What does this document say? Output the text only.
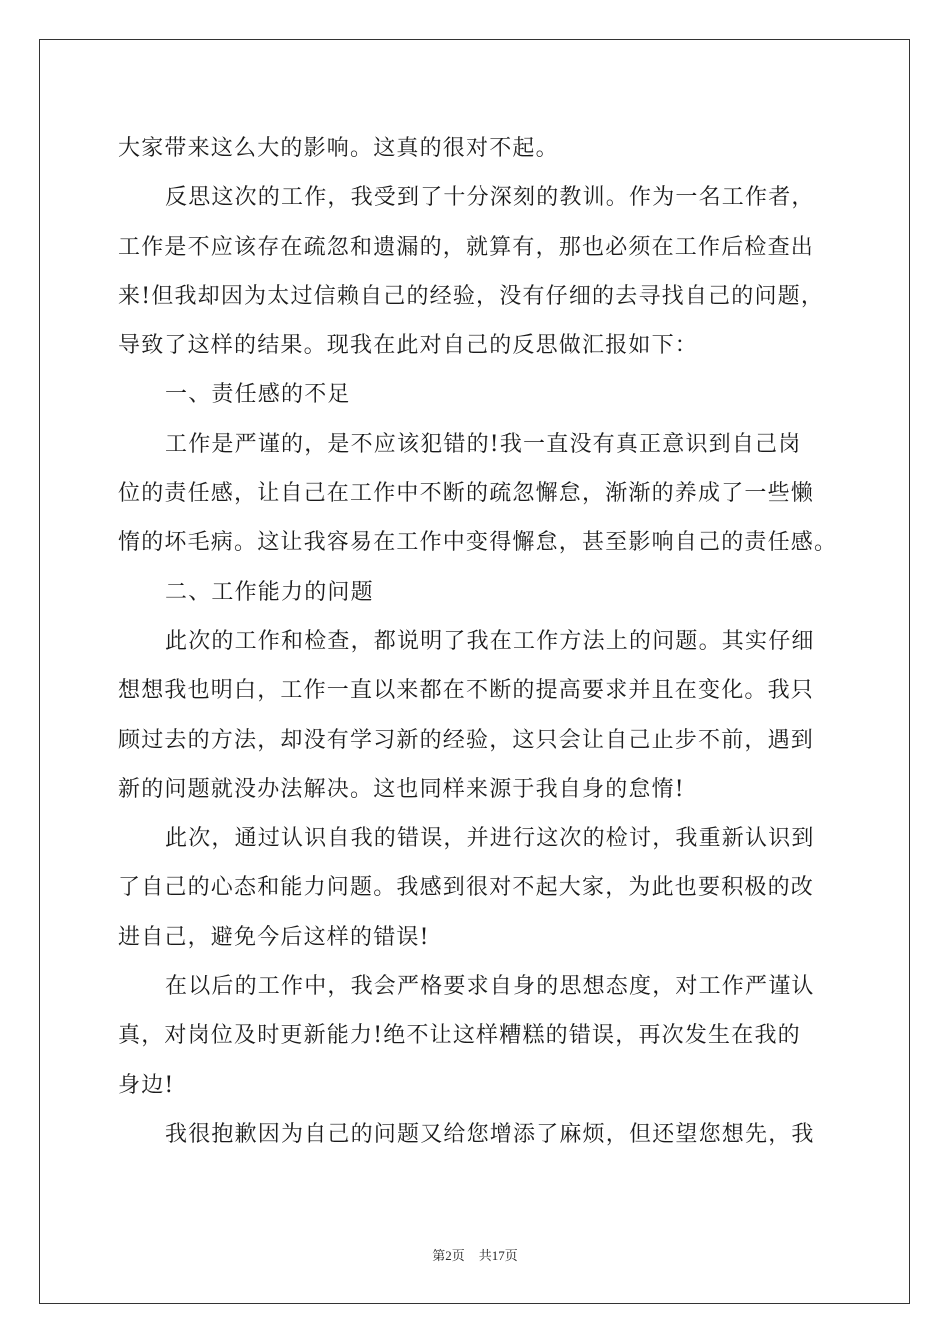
大家带来这么大的影响。这真的很对不起。
反思这次的工作，我受到了十分深刻的教训。作为一名工作者，
工作是不应该存在疏忽和遗漏的，就算有，那也必须在工作后检查出
来!但我却因为太过信赖自己的经验，没有仔细的去寻找自己的问题，
导致了这样的结果。现我在此对自己的反思做汇报如下：
一、责任感的不足
工作是严谨的，是不应该犯错的!我一直没有真正意识到自己岗
位的责任感，让自己在工作中不断的疏忽懈怠，渐渐的养成了一些懒
惰的坏毛病。这让我容易在工作中变得懈怠，甚至影响自己的责任感。
二、工作能力的问题
此次的工作和检查，都说明了我在工作方法上的问题。其实仔细
想想我也明白，工作一直以来都在不断的提高要求并且在变化。我只
顾过去的方法，却没有学习新的经验，这只会让自己止步不前，遇到
新的问题就没办法解决。这也同样来源于我自身的怠惰!
此次，通过认识自我的错误，并进行这次的检讨，我重新认识到
了自己的心态和能力问题。我感到很对不起大家，为此也要积极的改
进自己，避免今后这样的错误!
在以后的工作中，我会严格要求自身的思想态度，对工作严谨认
真，对岗位及时更新能力!绝不让这样糟糕的错误，再次发生在我的
身边!
我很抱歉因为自己的问题又给您增添了麻烦，但还望您想先，我
第2页 共17页
